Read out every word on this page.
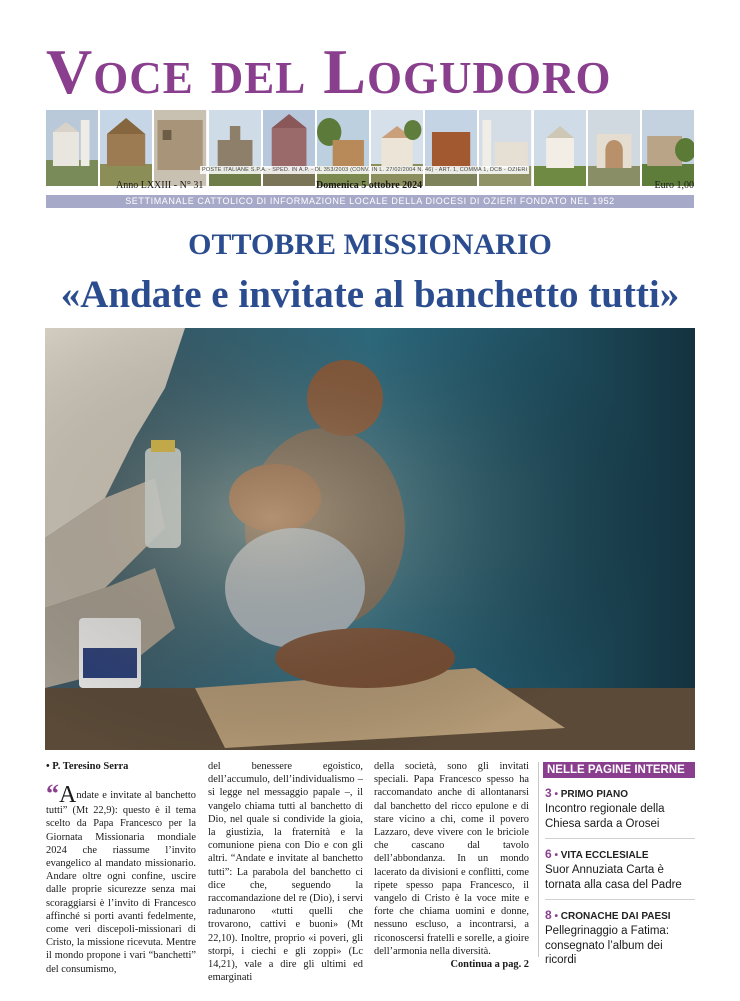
Voce del Logudoro
POSTE ITALIANE S.P.A. - SPED. IN A.P. - DL 353/2003 (CONV. IN L. 27/02/2004 N. 46) - ART. 1, COMMA 1, DCB - OZIERI
Anno LXXIII - N° 31	Domenica 5 ottobre 2024	Euro 1,00
SETTIMANALE CATTOLICO DI INFORMAZIONE LOCALE DELLA DIOCESI DI OZIERI FONDATO NEL 1952
OTTOBRE MISSIONARIO
«Andate e invitate al banchetto tutti»
• P. Teresino Serra
“Andate e invitate al banchetto tutti” (Mt 22,9): questo è il tema scelto da Papa Francesco per la Giornata Missionaria mondiale 2024 che riassume l’invito evangelico al mandato missionario. Andare oltre ogni confine, uscire dalle proprie sicurezze senza mai scoraggiarsi è l’invito di Francesco affinché si porti avanti fedelmente, come veri discepoli-missionari di Cristo, la missione ricevuta. Mentre il mondo propone i vari “banchetti” del consumismo,
del benessere egoistico, dell’accumulo, dell’individualismo – si legge nel messaggio papale –, il vangelo chiama tutti al banchetto di Dio, nel quale si condivide la gioia, la giustizia, la fraternità e la comunione piena con Dio e con gli altri. “Andate e invitate al banchetto tutti”: La parabola del banchetto ci dice che, seguendo la raccomandazione del re (Dio), i servi radunarono «tutti quelli che trovarono, cattivi e buoni» (Mt 22,10). Inoltre, proprio «i poveri, gli storpi, i ciechi e gli zoppi» (Lc 14,21), vale a dire gli ultimi ed emarginati
della società, sono gli invitati speciali. Papa Francesco spesso ha raccomandato anche di allontanarsi dal banchetto del ricco epulone e di stare vicino a chi, come il povero Lazzaro, deve vivere con le briciole che cascano dal tavolo dell’abbondanza. In un mondo lacerato da divisioni e conflitti, come ripete spesso papa Francesco, il vangelo di Cristo è la voce mite e forte che chiama uomini e donne, nessuno escluso, a incontrarsi, a riconoscersi fratelli e sorelle, a gioire dell’armonia nella diversità.
Continua a pag. 2
NELLE PAGINE INTERNE
3 • PRIMO PIANO
Incontro regionale della Chiesa sarda a Orosei
6 • VITA ECCLESIALE
Suor Annuziata Carta è tornata alla casa del Padre
8 • CRONACHE DAI PAESI
Pellegrinaggio a Fatima: consegnato l’album dei ricordi
